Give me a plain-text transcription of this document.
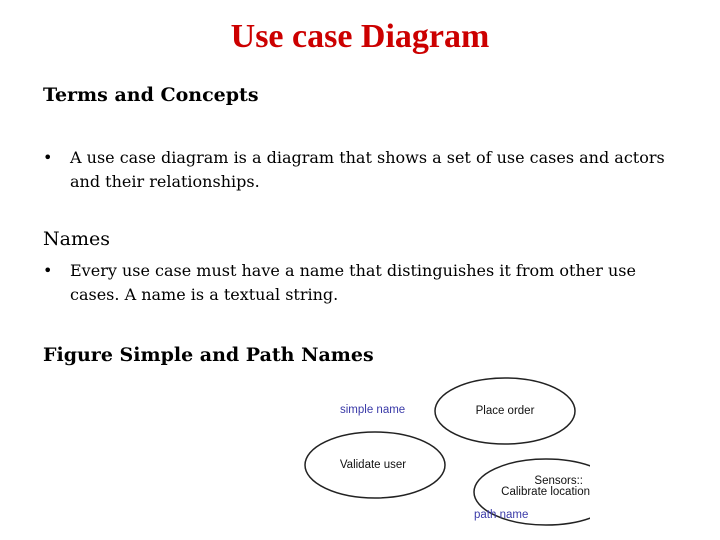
Use case Diagram
Terms and Concepts
• A use case diagram is a diagram that shows a set of use cases and actors and their relationships.
Names
• Every use case must have a name that distinguishes it from other use cases. A name is a textual string.
Figure Simple and Path Names
simple name	Place order
Validate user
Sensors::
Calibrate location
path name
